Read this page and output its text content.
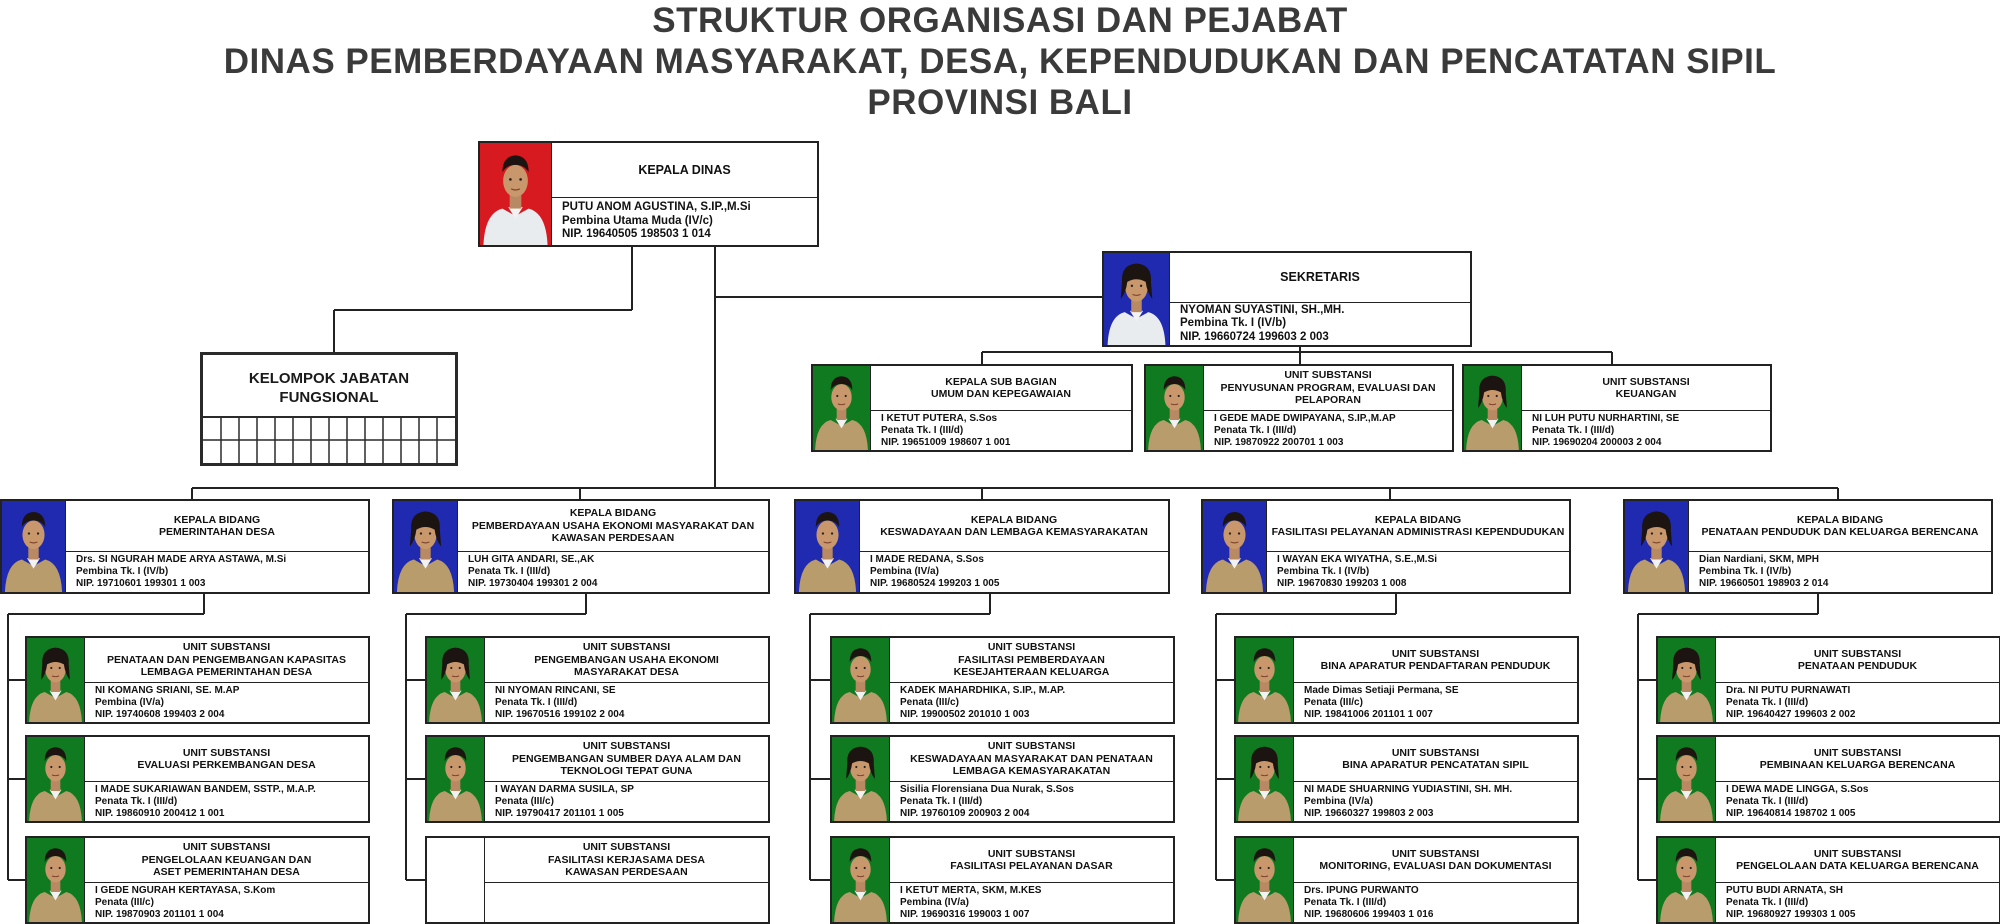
STRUKTUR ORGANISASI DAN PEJABAT
DINAS PEMBERDAYAAN MASYARAKAT, DESA, KEPENDUDUKAN DAN PENCATATAN SIPIL
PROVINSI BALI
KELOMPOK JABATAN
FUNGSIONAL
KEPALA DINAS
PUTU ANOM AGUSTINA, S.IP.,M.Si
Pembina Utama Muda (IV/c)
NIP. 19640505 198503 1 014
SEKRETARIS
NYOMAN SUYASTINI, SH.,MH.
Pembina Tk. I (IV/b)
NIP. 19660724 199603 2 003
KEPALA SUB BAGIAN
UMUM DAN KEPEGAWAIAN
I KETUT PUTERA, S.Sos
Penata Tk. I (III/d)
NIP. 19651009 198607 1 001
UNIT SUBSTANSI
PENYUSUNAN PROGRAM, EVALUASI DAN
PELAPORAN
I GEDE MADE DWIPAYANA, S.IP.,M.AP
Penata Tk. I (III/d)
NIP. 19870922 200701 1 003
UNIT SUBSTANSI
KEUANGAN
NI LUH PUTU NURHARTINI, SE
Penata Tk. I (III/d)
NIP. 19690204 200003 2 004
KEPALA BIDANG
PEMERINTAHAN DESA
Drs. SI NGURAH MADE ARYA ASTAWA, M.Si
Pembina Tk. I (IV/b)
NIP. 19710601 199301 1 003
UNIT SUBSTANSI
PENATAAN DAN PENGEMBANGAN KAPASITAS
LEMBAGA PEMERINTAHAN DESA
NI KOMANG SRIANI, SE. M.AP
Pembina (IV/a)
NIP. 19740608 199403 2 004
UNIT SUBSTANSI
EVALUASI PERKEMBANGAN DESA
I MADE SUKARIAWAN BANDEM, SSTP., M.A.P.
Penata Tk. I (III/d)
NIP. 19860910 200412 1 001
UNIT SUBSTANSI
PENGELOLAAN KEUANGAN DAN
ASET PEMERINTAHAN DESA
I GEDE NGURAH KERTAYASA, S.Kom
Penata (III/c)
NIP. 19870903 201101 1 004
KEPALA BIDANG
PEMBERDAYAAN USAHA EKONOMI MASYARAKAT DAN
KAWASAN PERDESAAN
LUH GITA ANDARI, SE.,AK
Penata Tk. I (III/d)
NIP. 19730404 199301 2 004
UNIT SUBSTANSI
PENGEMBANGAN USAHA EKONOMI
MASYARAKAT DESA
NI NYOMAN RINCANI, SE
Penata Tk. I (III/d)
NIP. 19670516 199102 2 004
UNIT SUBSTANSI
PENGEMBANGAN SUMBER DAYA ALAM DAN
TEKNOLOGI TEPAT GUNA
I WAYAN DARMA SUSILA, SP
Penata (III/c)
NIP. 19790417 201101 1 005
UNIT SUBSTANSI
FASILITASI KERJASAMA DESA
KAWASAN PERDESAAN
KEPALA BIDANG
KESWADAYAAN DAN LEMBAGA KEMASYARAKATAN
I MADE REDANA, S.Sos
Pembina (IV/a)
NIP. 19680524 199203 1 005
UNIT SUBSTANSI
FASILITASI PEMBERDAYAAN
KESEJAHTERAAN KELUARGA
KADEK MAHARDHIKA, S.IP., M.AP.
Penata (III/c)
NIP. 19900502 201010 1 003
UNIT SUBSTANSI
KESWADAYAAN MASYARAKAT DAN PENATAAN
LEMBAGA KEMASYARAKATAN
Sisilia Florensiana Dua Nurak, S.Sos
Penata Tk. I (III/d)
NIP. 19760109 200903 2 004
UNIT SUBSTANSI
FASILITASI PELAYANAN DASAR
I KETUT MERTA, SKM, M.KES
Pembina (IV/a)
NIP. 19690316 199003 1 007
KEPALA BIDANG
FASILITASI PELAYANAN ADMINISTRASI KEPENDUDUKAN
I WAYAN EKA WIYATHA, S.E.,M.Si
Pembina Tk. I (IV/b)
NIP. 19670830 199203 1 008
UNIT SUBSTANSI
BINA APARATUR PENDAFTARAN PENDUDUK
Made Dimas Setiaji Permana, SE
Penata (III/c)
NIP. 19841006 201101 1 007
UNIT SUBSTANSI
BINA APARATUR PENCATATAN SIPIL
NI MADE SHUARNING YUDIASTINI, SH. MH.
Pembina (IV/a)
NIP. 19660327 199803 2 003
UNIT SUBSTANSI
MONITORING, EVALUASI DAN DOKUMENTASI
Drs. IPUNG PURWANTO
Penata Tk. I (III/d)
NIP. 19680606 199403 1 016
KEPALA BIDANG
PENATAAN PENDUDUK DAN KELUARGA BERENCANA
Dian Nardiani, SKM, MPH
Pembina Tk. I (IV/b)
NIP. 19660501 198903 2 014
UNIT SUBSTANSI
PENATAAN PENDUDUK
Dra. NI PUTU PURNAWATI
Penata Tk. I (III/d)
NIP. 19640427 199603 2 002
UNIT SUBSTANSI
PEMBINAAN KELUARGA BERENCANA
I DEWA MADE LINGGA, S.Sos
Penata Tk. I (III/d)
NIP. 19640814 198702 1 005
UNIT SUBSTANSI
PENGELOLAAN DATA KELUARGA BERENCANA
PUTU BUDI ARNATA, SH
Penata Tk. I (III/d)
NIP. 19680927 199303 1 005
